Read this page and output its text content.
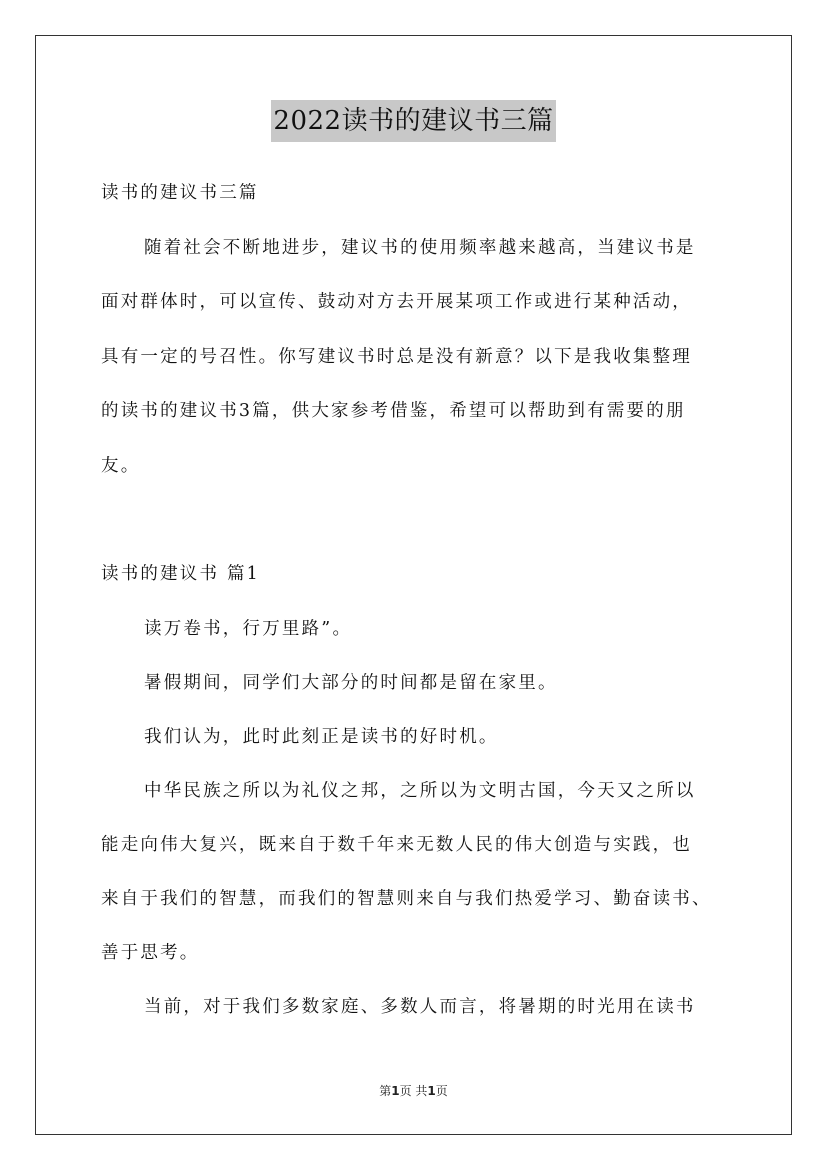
2022读书的建议书三篇
读书的建议书三篇
随着社会不断地进步，建议书的使用频率越来越高，当建议书是
面对群体时，可以宣传、鼓动对方去开展某项工作或进行某种活动，
具有一定的号召性。你写建议书时总是没有新意？以下是我收集整理
的读书的建议书3篇，供大家参考借鉴，希望可以帮助到有需要的朋
友。
读书的建议书 篇1
读万卷书，行万里路”。
暑假期间，同学们大部分的时间都是留在家里。
我们认为，此时此刻正是读书的好时机。
中华民族之所以为礼仪之邦，之所以为文明古国，今天又之所以
能走向伟大复兴，既来自于数千年来无数人民的伟大创造与实践，也
来自于我们的智慧，而我们的智慧则来自与我们热爱学习、勤奋读书、
善于思考。
当前，对于我们多数家庭、多数人而言，将暑期的时光用在读书
第1页 共1页
